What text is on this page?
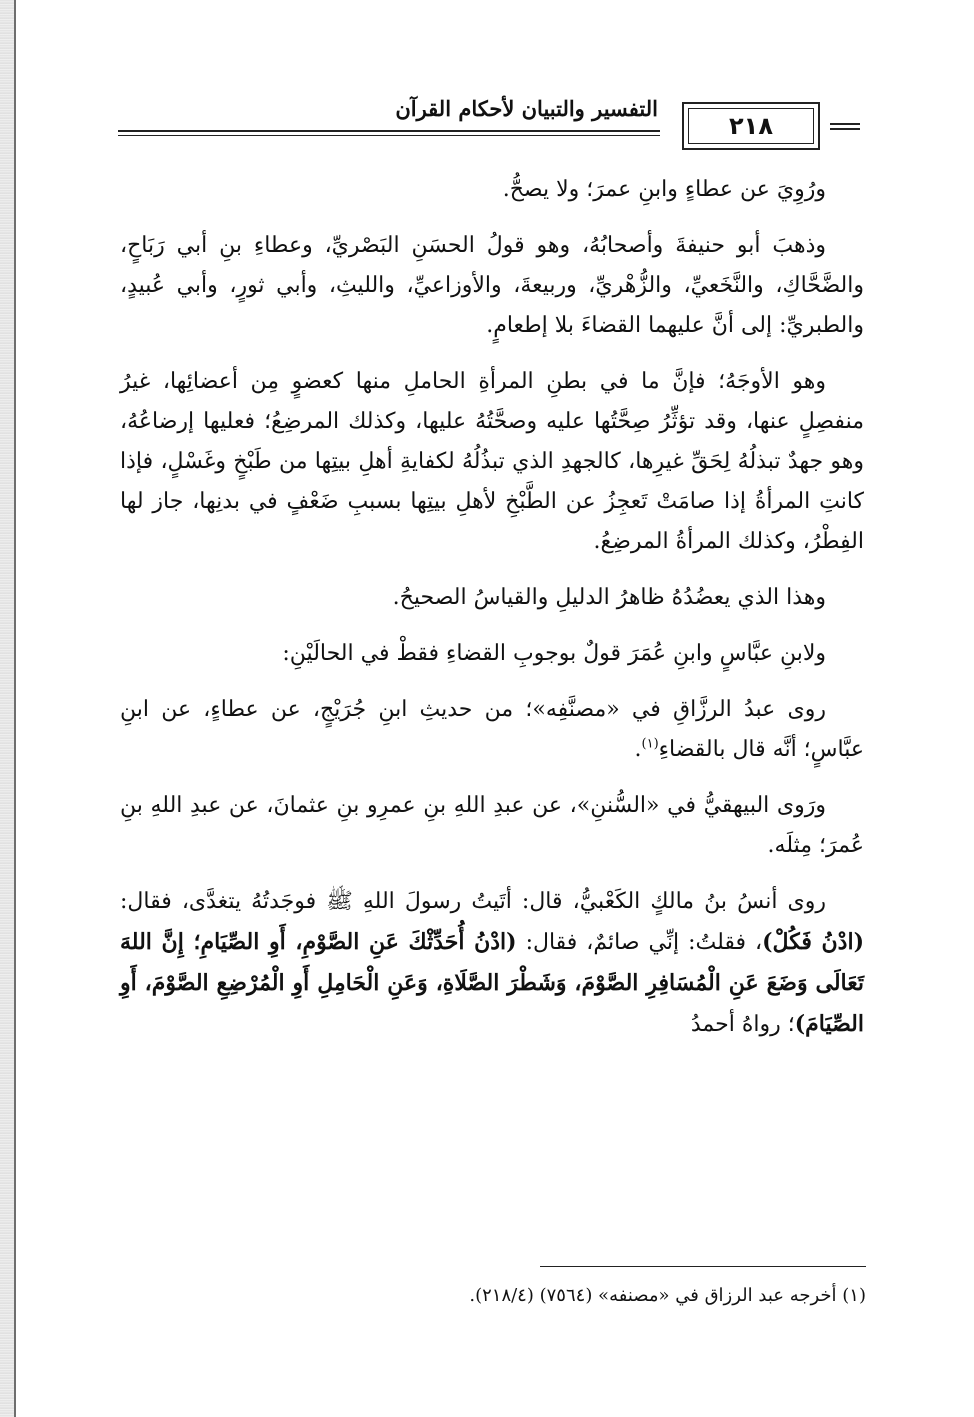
التفسير والتبيان لأحكام القرآن
٢١٨

ورُوِيَ عن عطاءٍ وابنِ عمرَ؛ ولا يصحُّ.

وذهبَ أبو حنيفةَ وأصحابُهُ، وهو قولُ الحسَنِ البَصْريِّ، وعطاءِ بنِ أبي رَبَاحٍ، والضَّحَّاكِ، والنَّخَعيِّ، والزُّهْريِّ، وربيعةَ، والأوزاعيِّ، والليثِ، وأبي ثورٍ، وأبي عُبيدٍ، والطبريِّ: إلى أنَّ عليهما القضاءَ بلا إطعامٍ.

وهو الأوجَهُ؛ فإنَّ ما في بطنِ المرأةِ الحاملِ منها كعضوٍ مِن أعضائِها، غيرُ منفصِلٍ عنها، وقد تؤثِّرُ صِحَّتُها عليه وصحَّتُهُ عليها، وكذلك المرضِعُ؛ فعليها إرضاعُهُ، وهو جهدٌ تبذلُهُ لِحَقِّ غيرِها، كالجهدِ الذي تبذُلُهُ لكفايةِ أهلِ بيتِها من طَبْخٍ وغَسْلٍ، فإذا كانتِ المرأةُ إذا صامَتْ تَعجِزُ عن الطَّبْخِ لأهلِ بيتِها بسببِ ضَعْفٍ في بدنِها، جاز لها الفِطْرُ، وكذلك المرأةُ المرضِعُ.

وهذا الذي يعضُدُهُ ظاهرُ الدليلِ والقياسُ الصحيحُ.

ولابنِ عبَّاسٍ وابنِ عُمَرَ قولٌ بوجوبِ القضاءِ فقطْ في الحالَيْنِ:

روى عبدُ الرزَّاقِ في «مصنَّفِه»؛ من حديثِ ابنِ جُرَيْجٍ، عن عطاءٍ، عن ابنِ عبَّاسٍ؛ أنَّه قال بالقضاءِ$^{(١)}$.

ورَوى البيهقيُّ في «السُّننِ»، عن عبدِ اللهِ بنِ عمرِو بنِ عثمانَ، عن عبدِ اللهِ بنِ عُمرَ؛ مِثلَه.

روى أنسُ بنُ مالكٍ الكَعْبيُّ، قال: أتَيتُ رسولَ اللهِ ﷺ فوجَدتُهُ يتغدَّى، فقال: (ادْنُ فَكُلْ)، فقلتُ: إنِّي صائمٌ، فقال: (ادْنُ أُحَدِّثْكَ عَنِ الصَّوْمِ، أَوِ الصِّيَامِ؛ إِنَّ اللهَ تَعَالَى وَضَعَ عَنِ الْمُسَافِرِ الصَّوْمَ، وَشَطْرَ الصَّلَاةِ، وَعَنِ الْحَامِلِ أَوِ الْمُرْضِعِ الصَّوْمَ، أَوِ الصِّيَامَ)؛ رواهُ أحمدُ

(١) أخرجه عبد الرزاق في «مصنفه» (٧٥٦٤) (٢١٨/٤).
